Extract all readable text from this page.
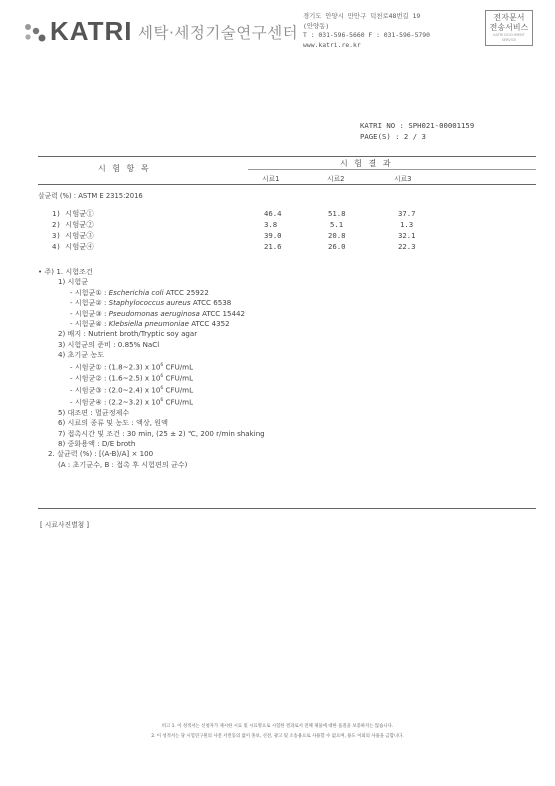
KATRI 세탁·세정기술연구센터
경기도 안양시 만안구 덕천로48번길 19
(안양동)
T : 031-596-5660 F : 031-596-5790
www.katri.re.kr
전자문서
전송서비스
KATRI DOCUMENT SERVICE
KATRI NO : SPH021-00001159
PAGE(S) : 2 / 3
시 험 항 목
시 험 결 과
시료1	시료2	시료3
살균력 (%) : ASTM E 2315:2016
1) 시험균①	46.4	51.8	37.7
2) 시험균②	3.8	5.1	1.3
3) 시험균③	39.0	20.8	32.1
4) 시험균④	21.6	26.0	22.3
• 주) 1. 시험조건
1) 시험균
- 시험균① : Escherichia coli ATCC 25922
- 시험균② : Staphylococcus aureus ATCC 6538
- 시험균③ : Pseudomonas aeruginosa ATCC 15442
- 시험균④ : Klebsiella pneumoniae ATCC 4352
2) 배지 : Nutrient broth/Tryptic soy agar
3) 시험균의 준비 : 0.85% NaCl
4) 초기균 농도
- 시험균① : (1.8~2.3) x $10^6$ CFU/mL
- 시험균② : (1.6~2.5) x $10^6$ CFU/mL
- 시험균③ : (2.0~2.4) x $10^6$ CFU/mL
- 시험균④ : (2.2~3.2) x $10^6$ CFU/mL
5) 대조편 : 멸균정제수
6) 시료의 종류 및 농도 : 액상, 원액
7) 접촉시간 및 조건 : 30 min, (25 ± 2) ℃, 200 r/min shaking
8) 중화용액 : D/E broth
2. 살균력 (%) : [(A-B)/A] × 100
(A : 초기균수, B : 접촉 후 시험편의 균수)
[ 시료사진별첨 ]
비고 1. 이 성적서는 신청자가 제시한 시료 및 시료명으로 시험한 결과로서 전체 제품에 대한 품질을 보증하지는 않습니다.
2. 이 성적서는 당 시험연구원의 사전 서면동의 없이 홍보, 선전, 광고 및 소송용으로 사용할 수 없으며, 용도 이외의 사용을 금합니다.
